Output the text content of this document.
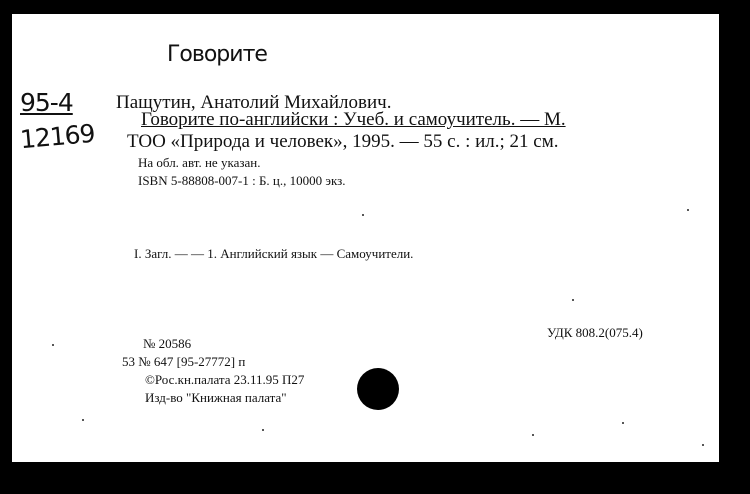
Говорите
95-4
12169
Пащутин, Анатолий Михайлович.
Говорите по-английски : Учеб. и самоучитель. — М.
ТОО «Природа и человек», 1995. — 55 с. : ил.; 21 см.
На обл. авт. не указан.
ISBN 5-88808-007-1 : Б. ц., 10000 экз.
I. Загл. — — 1. Английский язык — Самоучители.
№ 20586
53 № 647 [95-27772] п
©Рос.кн.палата 23.11.95 П27
Изд-во "Книжная палата"
УДК 808.2(075.4)
